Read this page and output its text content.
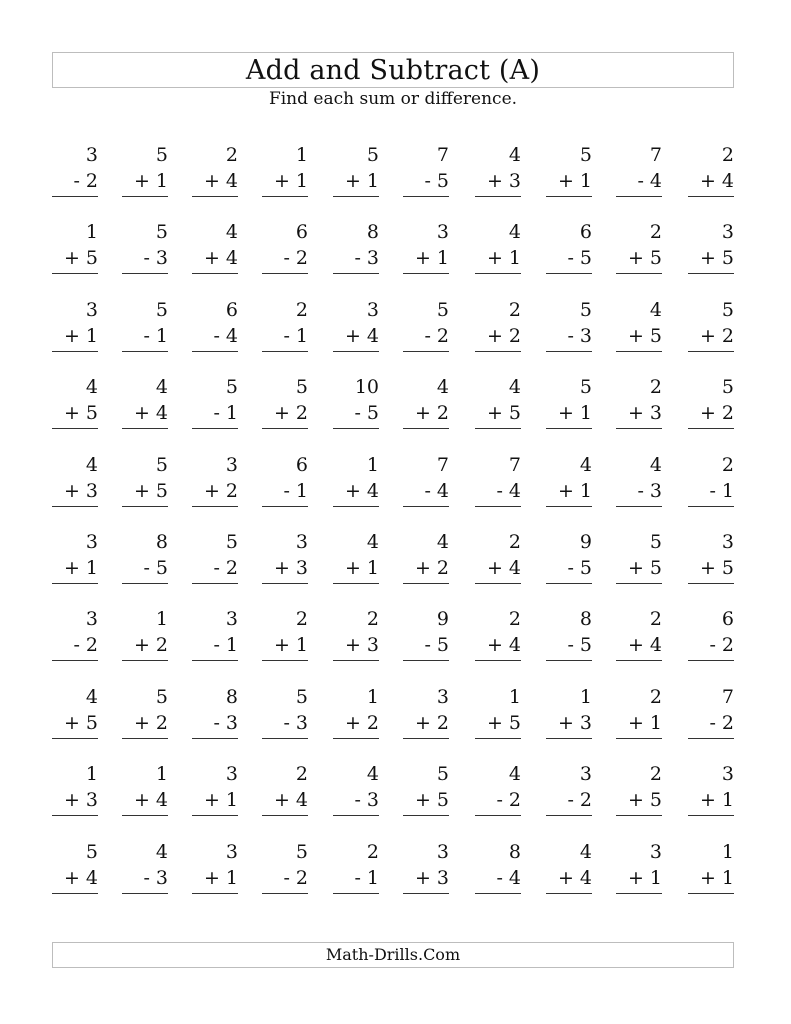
Add and Subtract (A)
Find each sum or difference.
3
- 2
5
+ 1
2
+ 4
1
+ 1
5
+ 1
7
- 5
4
+ 3
5
+ 1
7
- 4
2
+ 4
1
+ 5
5
- 3
4
+ 4
6
- 2
8
- 3
3
+ 1
4
+ 1
6
- 5
2
+ 5
3
+ 5
3
+ 1
5
- 1
6
- 4
2
- 1
3
+ 4
5
- 2
2
+ 2
5
- 3
4
+ 5
5
+ 2
4
+ 5
4
+ 4
5
- 1
5
+ 2
10
- 5
4
+ 2
4
+ 5
5
+ 1
2
+ 3
5
+ 2
4
+ 3
5
+ 5
3
+ 2
6
- 1
1
+ 4
7
- 4
7
- 4
4
+ 1
4
- 3
2
- 1
3
+ 1
8
- 5
5
- 2
3
+ 3
4
+ 1
4
+ 2
2
+ 4
9
- 5
5
+ 5
3
+ 5
3
- 2
1
+ 2
3
- 1
2
+ 1
2
+ 3
9
- 5
2
+ 4
8
- 5
2
+ 4
6
- 2
4
+ 5
5
+ 2
8
- 3
5
- 3
1
+ 2
3
+ 2
1
+ 5
1
+ 3
2
+ 1
7
- 2
1
+ 3
1
+ 4
3
+ 1
2
+ 4
4
- 3
5
+ 5
4
- 2
3
- 2
2
+ 5
3
+ 1
5
+ 4
4
- 3
3
+ 1
5
- 2
2
- 1
3
+ 3
8
- 4
4
+ 4
3
+ 1
1
+ 1
Math-Drills.Com
